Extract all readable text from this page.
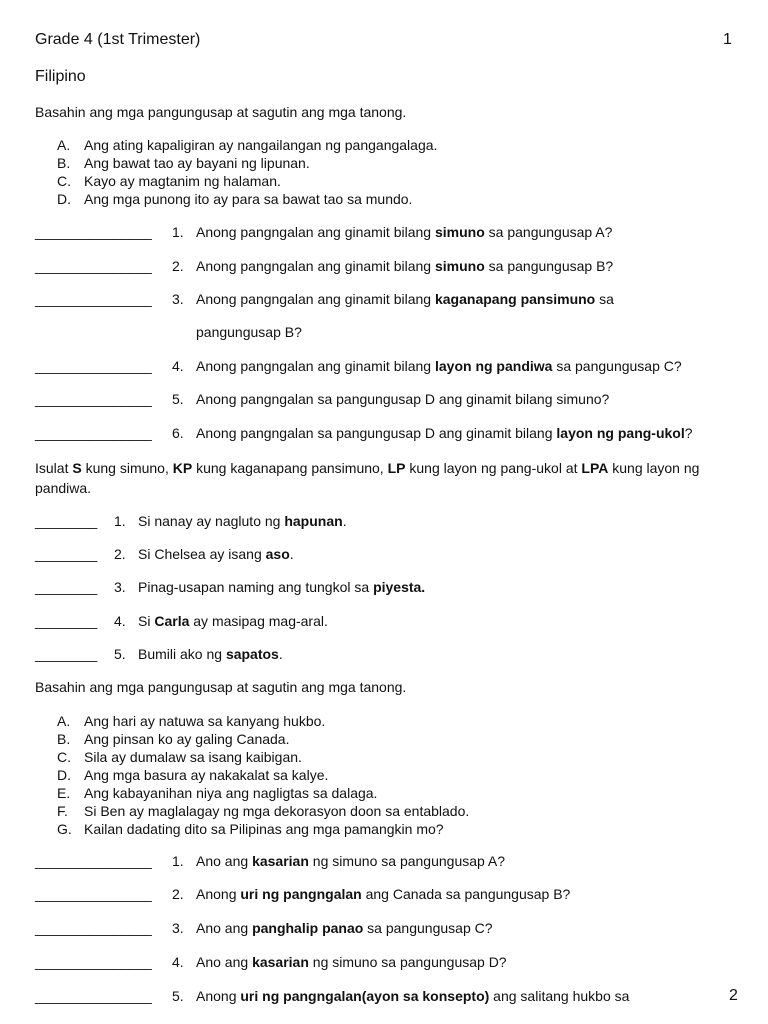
Grade 4 (1st Trimester)	1
Filipino
Basahin ang mga pangungusap at sagutin ang mga tanong.
A. Ang ating kapaligiran ay nangailangan ng pangangalaga.
B. Ang bawat tao ay bayani ng lipunan.
C. Kayo ay magtanim ng halaman.
D. Ang mga punong ito ay para sa bawat tao sa mundo.
_______________ 1. Anong pangngalan ang ginamit bilang simuno sa pangungusap A?
_______________ 2. Anong pangngalan ang ginamit bilang simuno sa pangungusap B?
_______________ 3. Anong pangngalan ang ginamit bilang kaganapang pansimuno sa
pangungusap B?
_______________ 4. Anong pangngalan ang ginamit bilang layon ng pandiwa sa pangungusap C?
_______________ 5. Anong pangngalan sa pangungusap D ang ginamit bilang simuno?
_______________ 6. Anong pangngalan sa pangungusap D ang ginamit bilang layon ng pang-ukol?
Isulat S kung simuno, KP kung kaganapang pansimuno, LP kung layon ng pang-ukol at LPA kung layon ng pandiwa.
________ 1. Si nanay ay nagluto ng hapunan.
________ 2. Si Chelsea ay isang aso.
________ 3. Pinag-usapan naming ang tungkol sa piyesta.
________ 4. Si Carla ay masipag mag-aral.
________ 5. Bumili ako ng sapatos.
Basahin ang mga pangungusap at sagutin ang mga tanong.
A. Ang hari ay natuwa sa kanyang hukbo.
B. Ang pinsan ko ay galing Canada.
C. Sila ay dumalaw sa isang kaibigan.
D. Ang mga basura ay nakakalat sa kalye.
E. Ang kabayanihan niya ang nagligtas sa dalaga.
F. Si Ben ay maglalagay ng mga dekorasyon doon sa entablado.
G. Kailan dadating dito sa Pilipinas ang mga pamangkin mo?
_______________ 1. Ano ang kasarian ng simuno sa pangungusap A?
_______________ 2. Anong uri ng pangngalan ang Canada sa pangungusap B?
_______________ 3. Ano ang panghalip panao sa pangungusap C?
_______________ 4. Ano ang kasarian ng simuno sa pangungusap D?
_______________ 5. Anong uri ng pangngalan(ayon sa konsepto) ang salitang hukbo sa	2
